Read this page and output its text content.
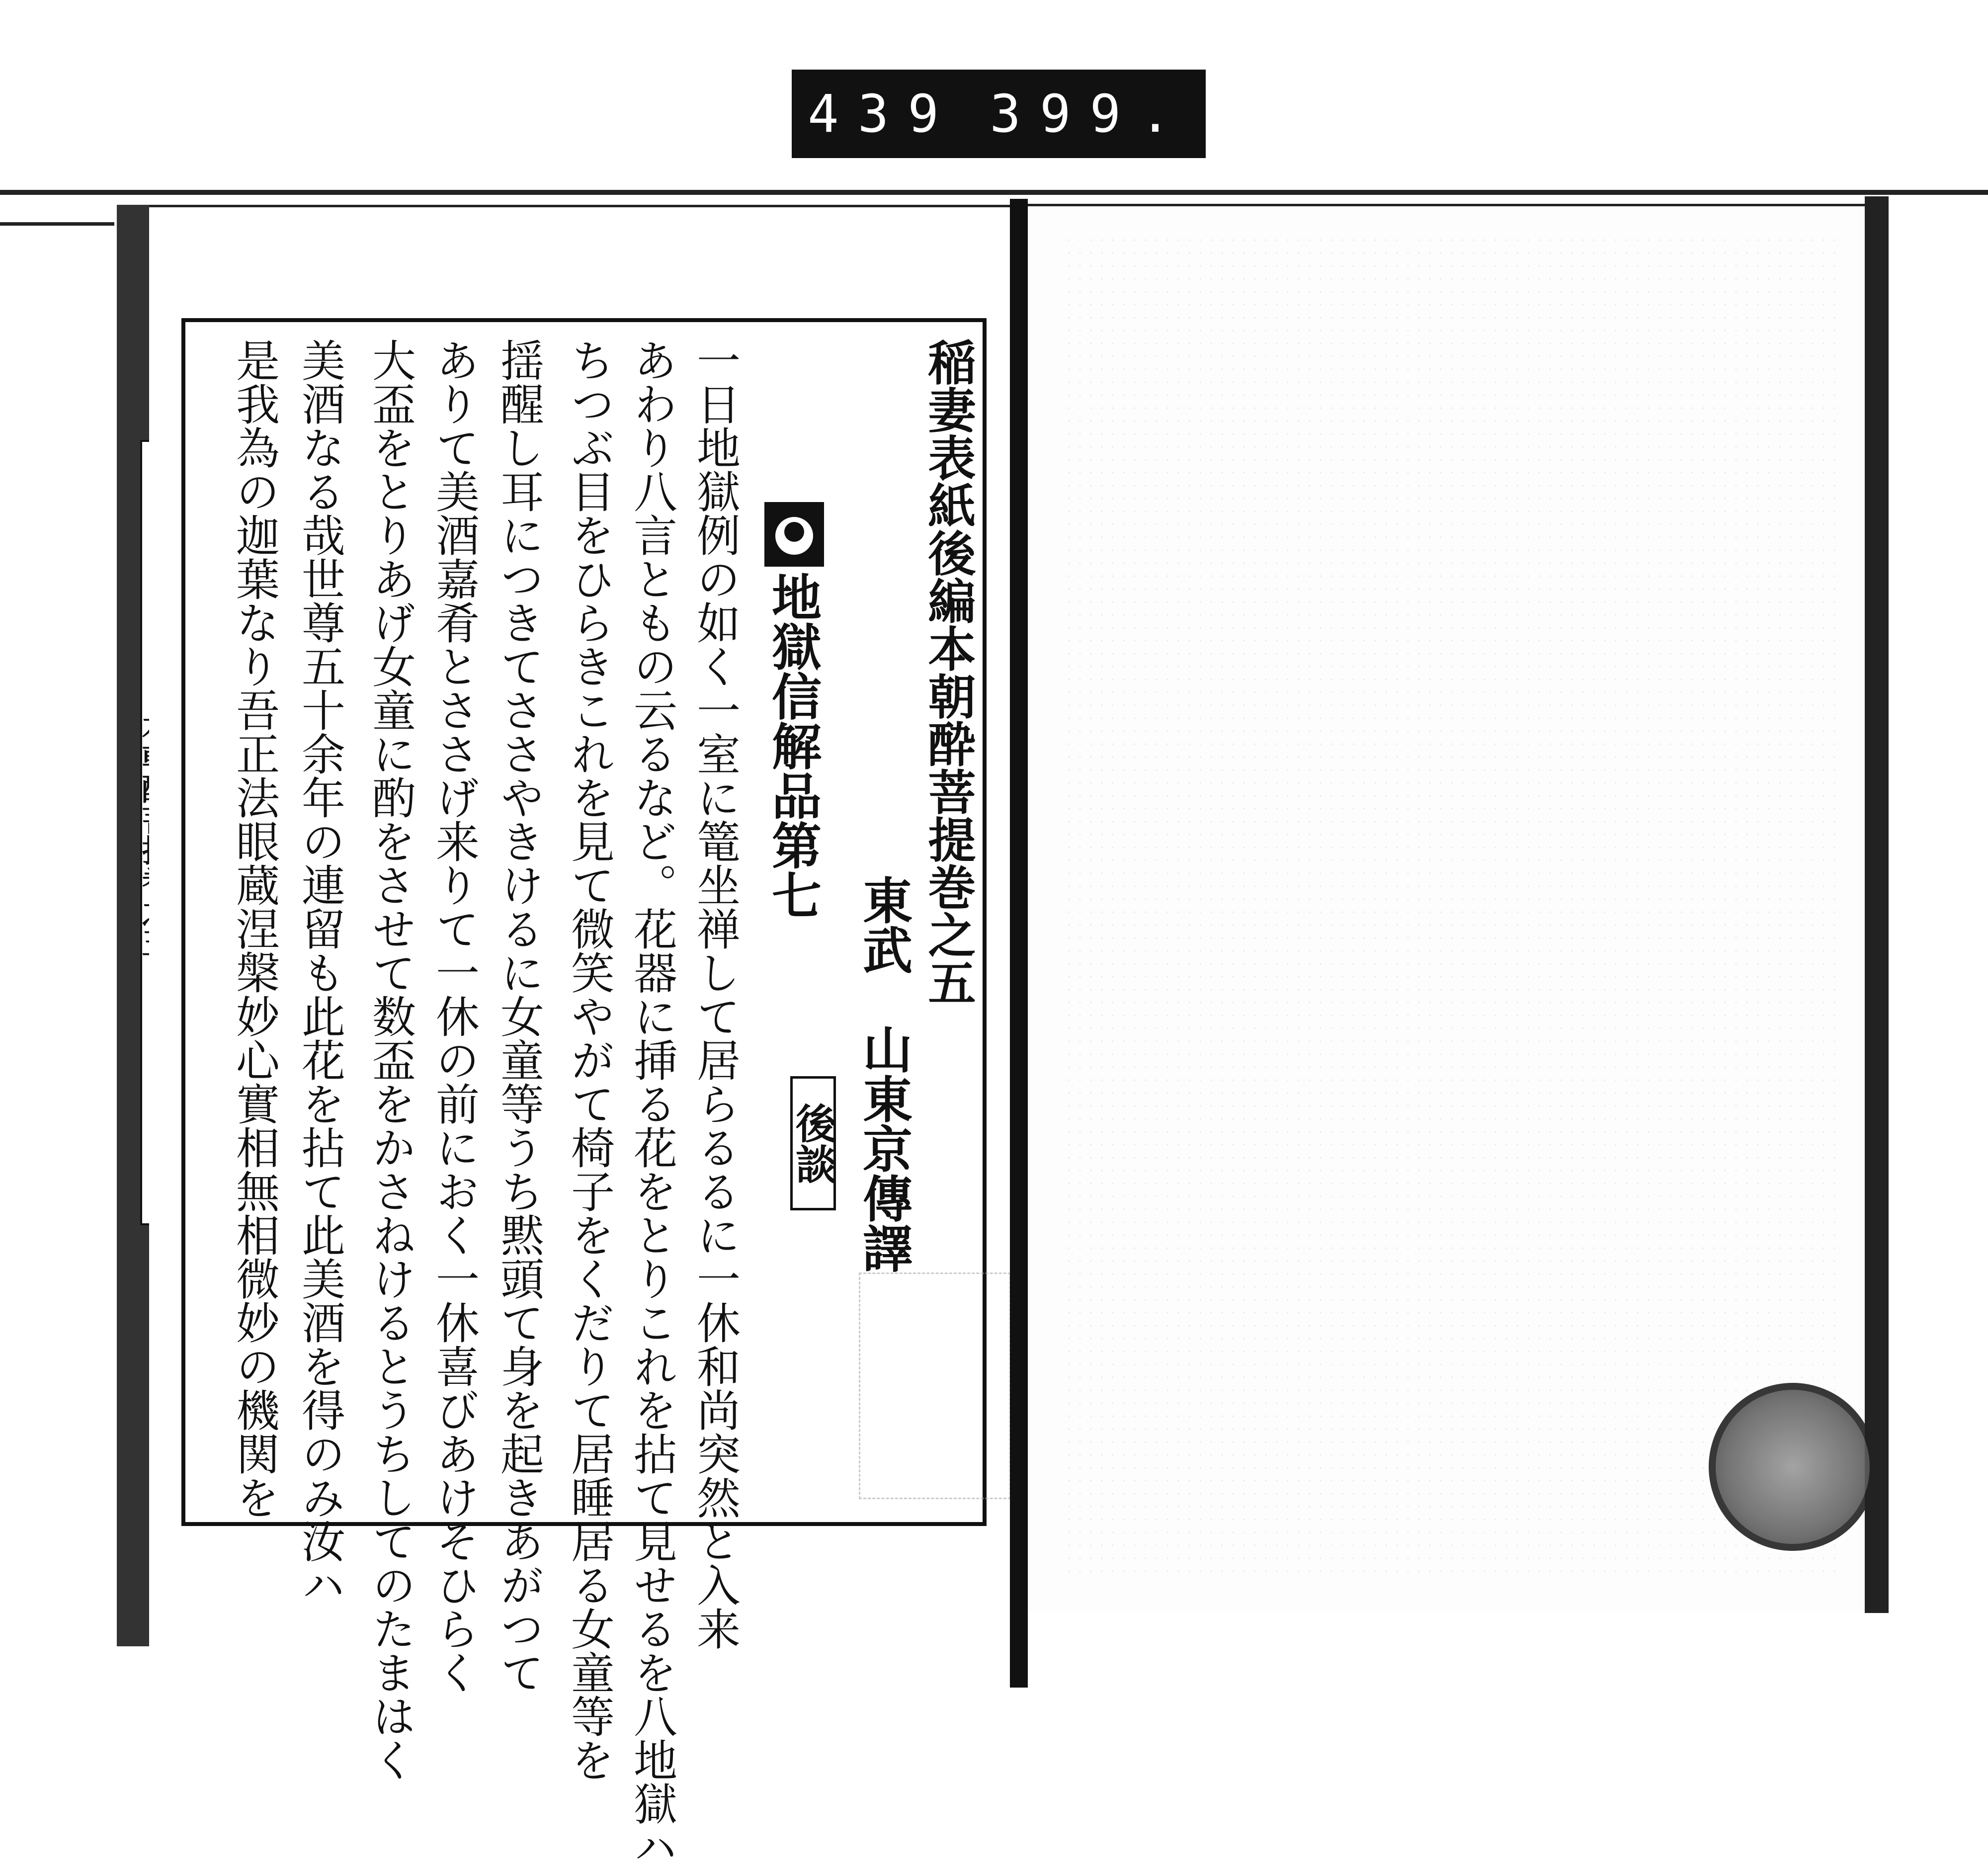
439 399.
稲妻表紙後編本朝酔菩提巻之五
東武　山東京傳譯
地獄信解品第七
後談
一日地獄例の如く一室に篭坐禅して居らるるに一休和尚突然と入来
あわり八言ともの云るなど。花器に挿る花をとりこれを拈て見せるを八地獄ハ
ちつぶ目をひらきこれを見て微笑やがて椅子をくだりて居睡居る女童等を
揺醒し耳につきてささやきけるに女童等うち黙頭て身を起きあがつて
ありて美酒嘉肴とささげ来りて一休の前におく一休喜びあけそひらく
大盃をとりあげ女童に酌をさせて数盃をかさねけるとうちしてのたまはく
美酒なる哉世尊五十余年の連留も此花を拈て此美酒を得のみ汝ハ
是我為の迦葉なり吾正法眼蔵涅槃妙心實相無相微妙の機関を
